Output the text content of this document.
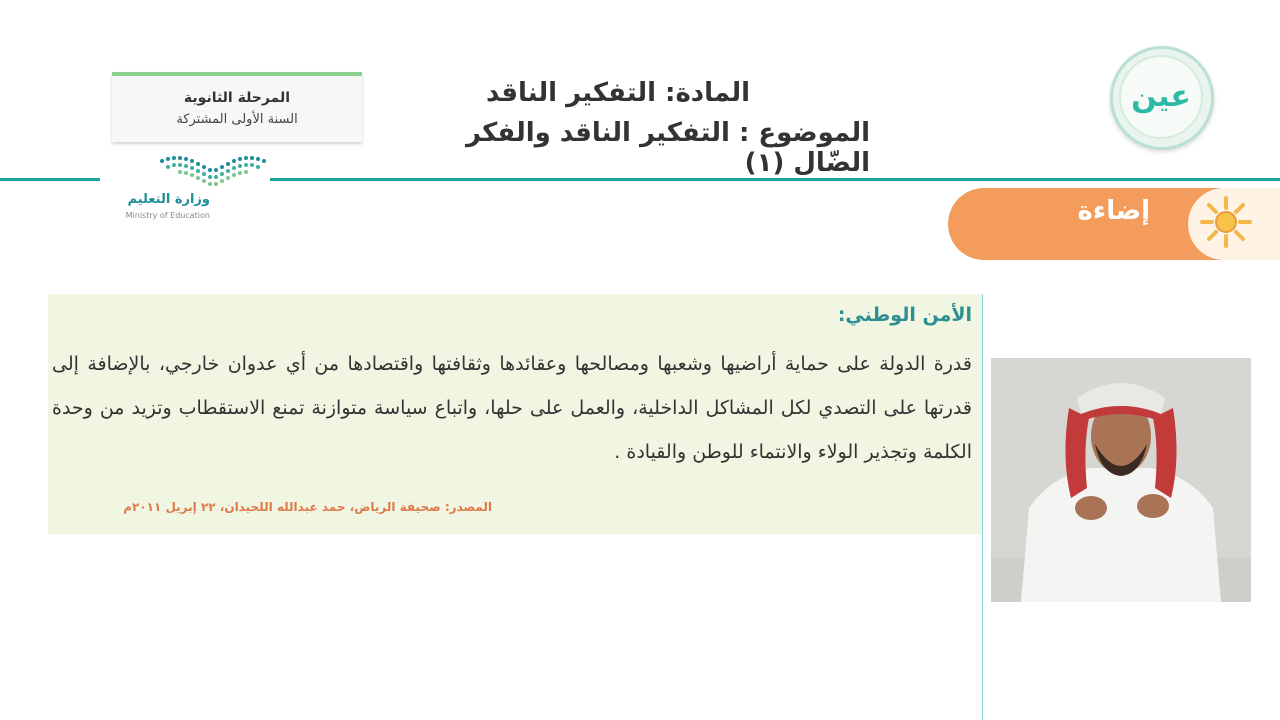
المرحلة الثانوية
السنة الأولى المشتركة
وزارة التعليم
Ministry of Education
المادة: التفكير الناقد
الموضوع : التفكير الناقد والفكر الضّال (١)
عين
إضاءة
الأمن الوطني:
قدرة الدولة على حماية أراضيها وشعبها ومصالحها وعقائدها وثقافتها واقتصادها من أي عدوان خارجي، بالإضافة إلى قدرتها على التصدي لكل المشاكل الداخلية، والعمل على حلها، واتباع سياسة متوازنة تمنع الاستقطاب وتزيد من وحدة الكلمة وتجذير الولاء والانتماء للوطن والقيادة .
المصدر: صحيفة الرياض، حمد عبدالله اللحيدان، ٢٢ إبريل ٢٠١١م
